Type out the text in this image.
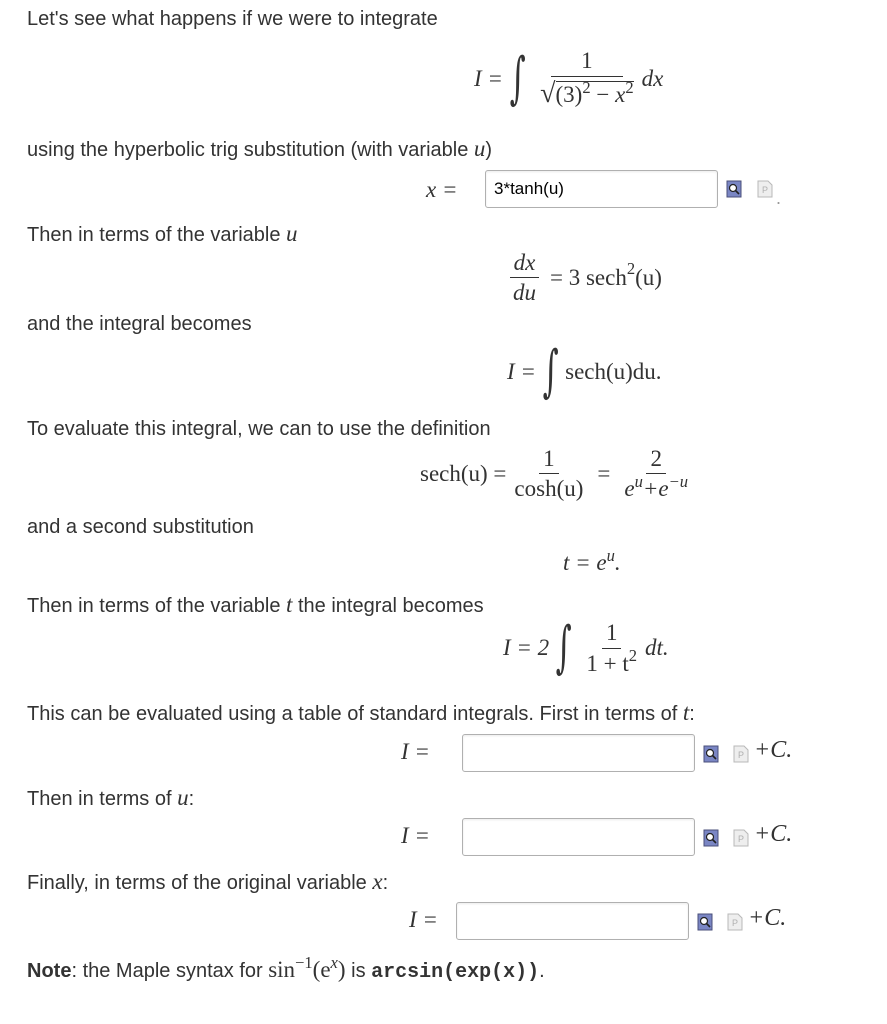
Let's see what happens if we were to integrate
I = ∫ $\frac{1}{√(3)^2 - x^2}$ dx
using the hyperbolic trig substitution (with variable u)
x =
3*tanh(u)	P .
Then in terms of the variable u
$\frac{dx}{du} = 3$ sech 2 (u)
and the integral becomes
I = ∫ sech(u)du.
To evaluate this integral, we can to use the definition
$\sec h(u) = \frac{1}{\cosh(u)} = \frac{2}{e^u+e^{-u}}$
and a second substitution
$t = e^u$.
Then in terms of the variable t the integral becomes
I = 2 ∫ $\frac{1}{1 + t^2}$ dt.
This can be evaluated using a table of standard integrals. First in terms of t:
I =	P +C.
Then in terms of u:
I =	P +C.
Finally, in terms of the original variable x:
I =	P +C.
Note: the Maple syntax for $\sin^{-1}(e^x)$ is arcsin(exp(x)).
